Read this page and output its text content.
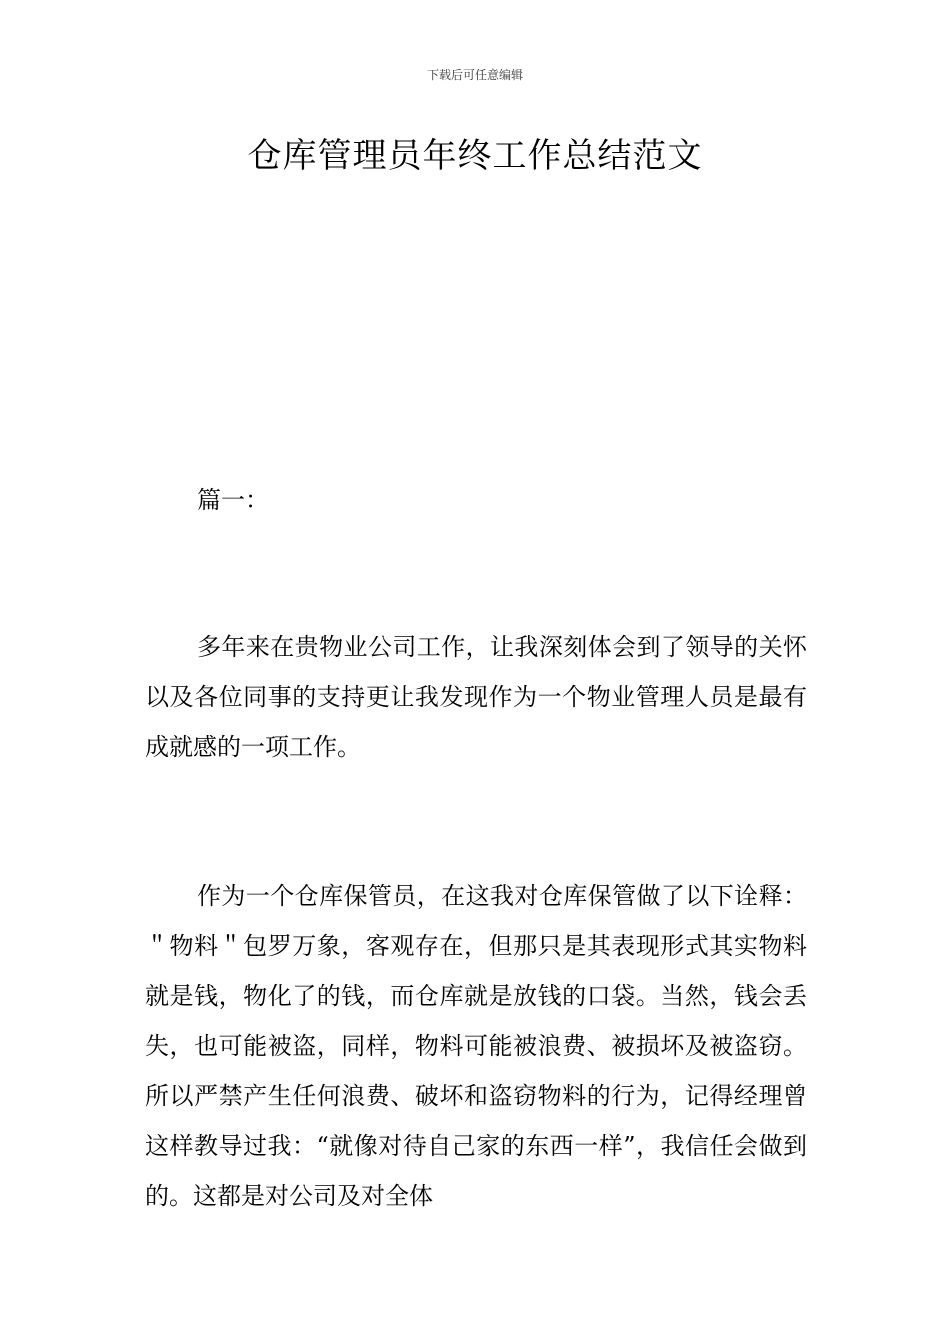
下载后可任意编辑
仓库管理员年终工作总结范文

篇一：

多年来在贵物业公司工作，让我深刻体会到了领导的关怀以及各位同事的支持更让我发现作为一个物业管理人员是最有成就感的一项工作。

作为一个仓库保管员，在这我对仓库保管做了以下诠释：＂物料＂包罗万象，客观存在，但那只是其表现形式其实物料就是钱，物化了的钱，而仓库就是放钱的口袋。当然，钱会丢失，也可能被盗，同样，物料可能被浪费、被损坏及被盗窃。所以严禁产生任何浪费、破坏和盗窃物料的行为，记得经理曾这样教导过我：“就像对待自己家的东西一样”，我信任会做到的。这都是对公司及对全体
